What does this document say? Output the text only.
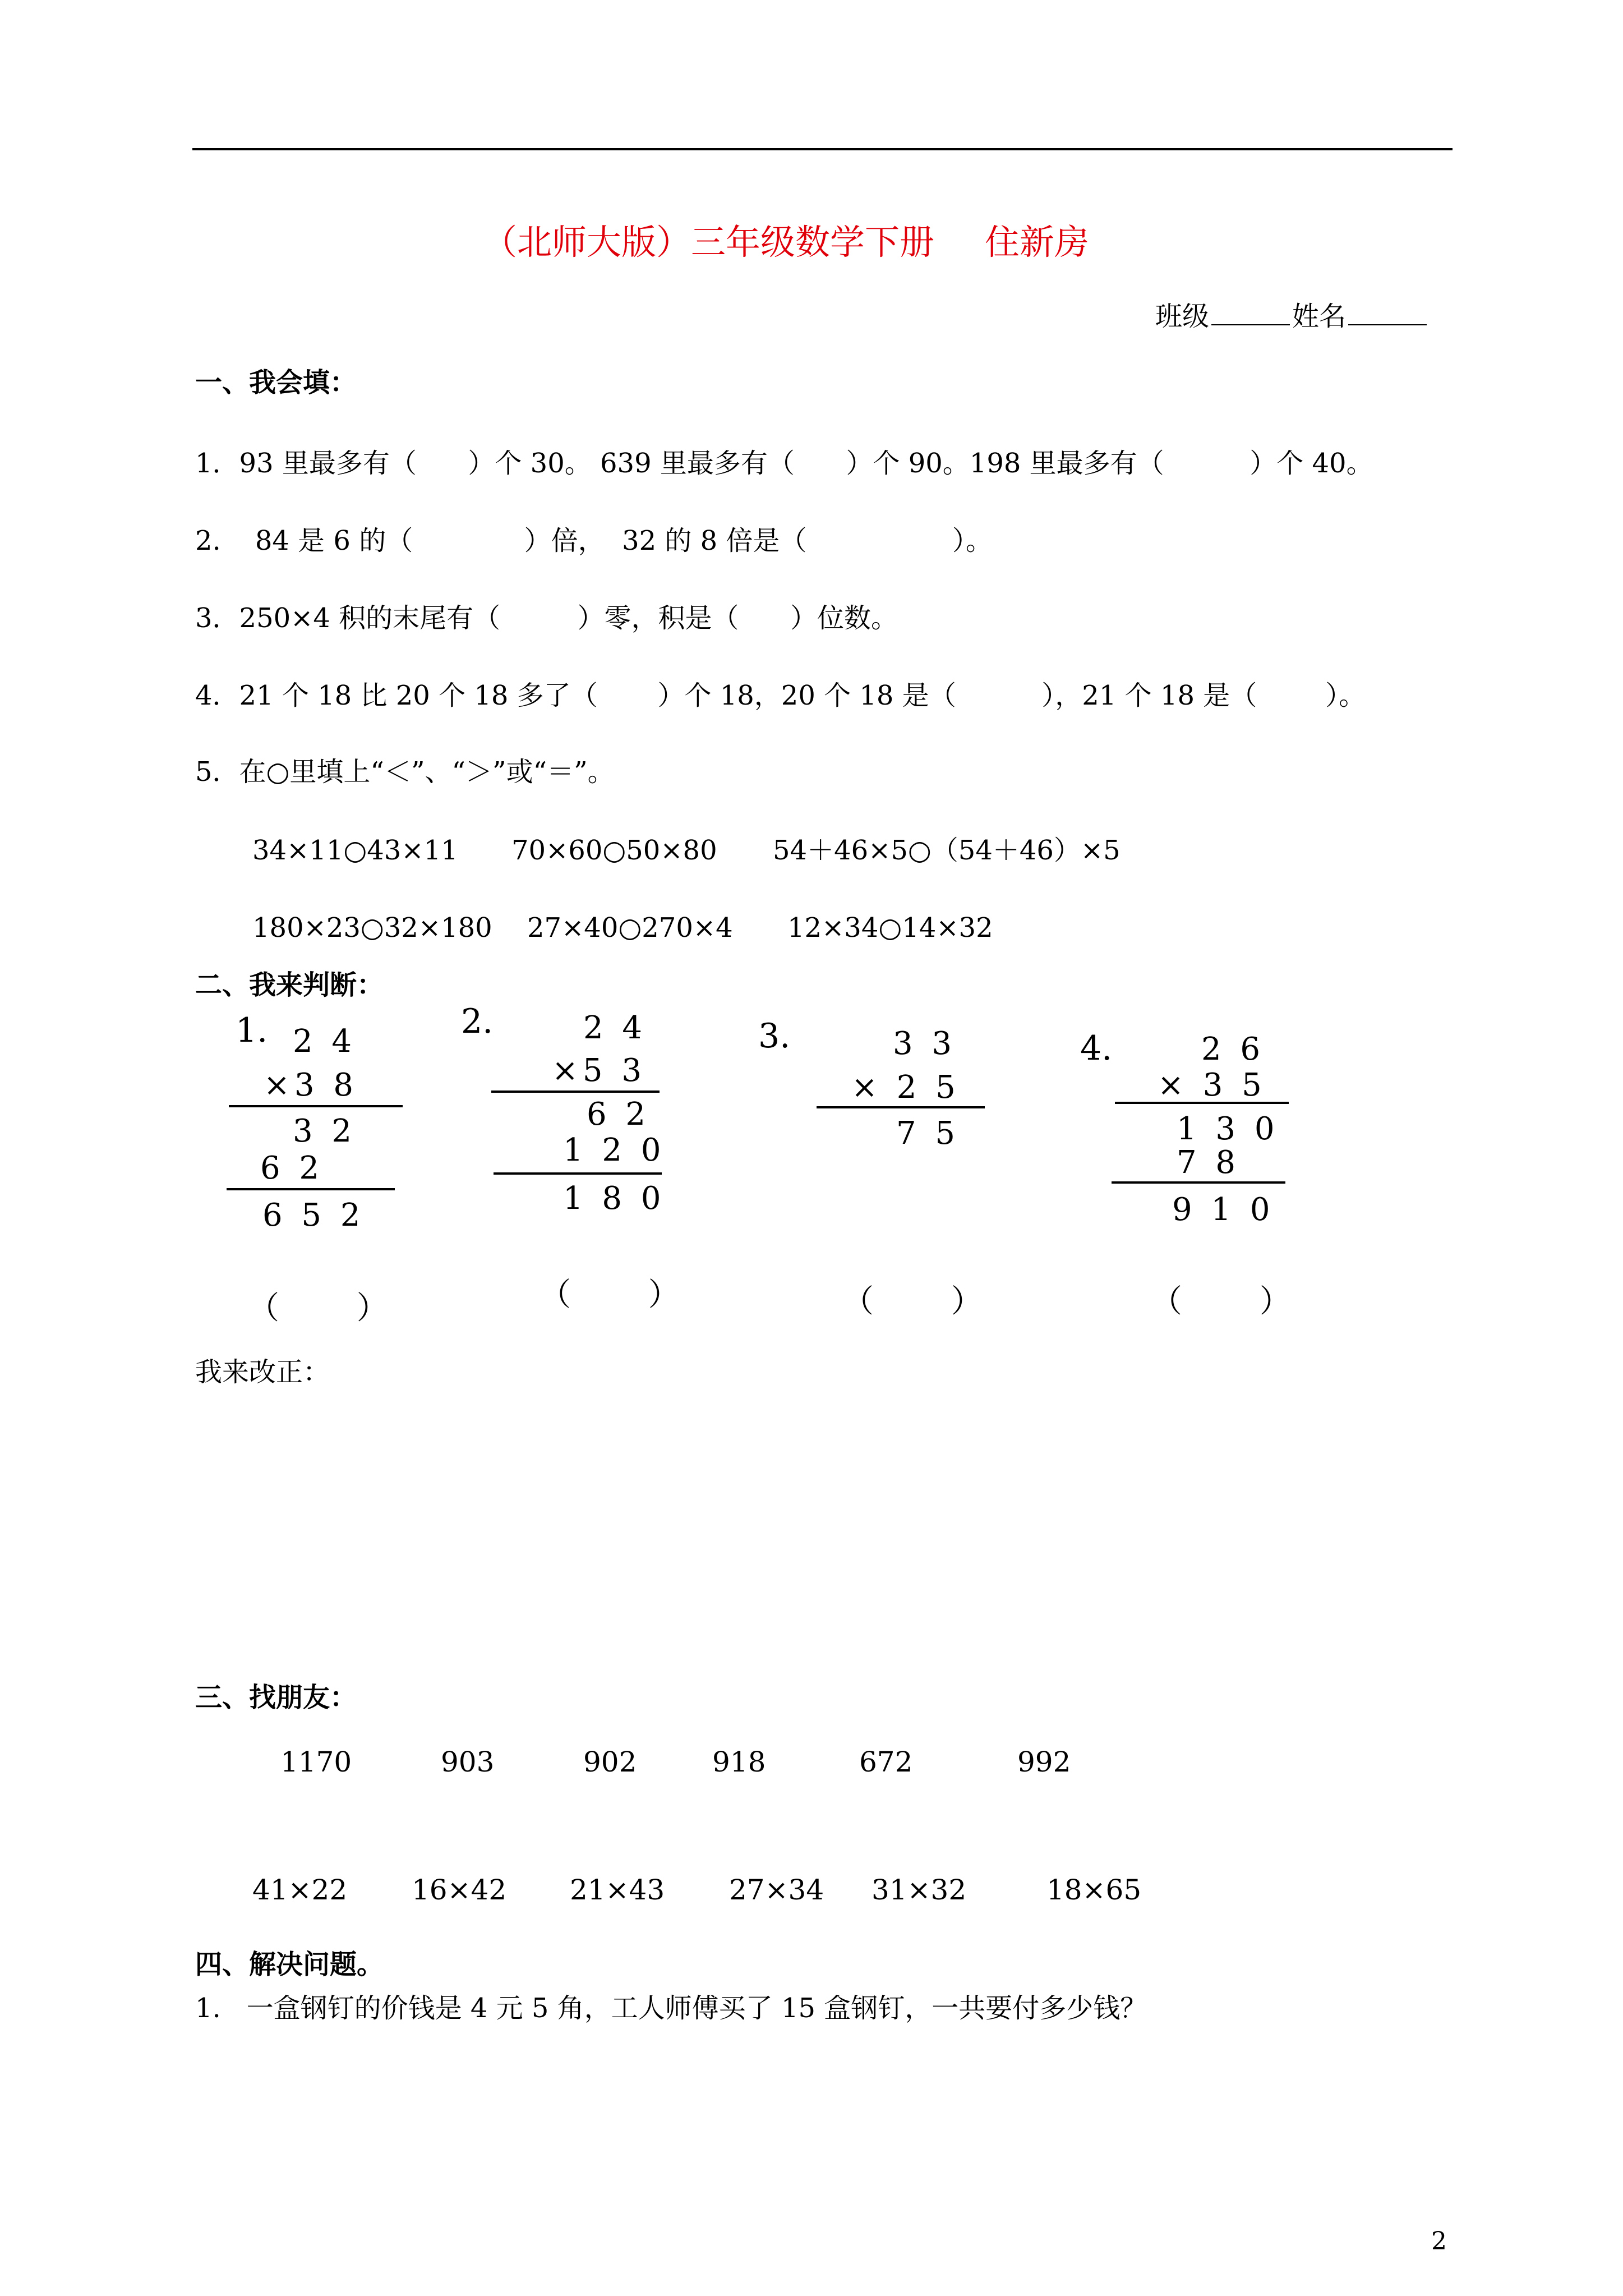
（北师大版）三年级数学下册 住新房
班级	姓名
一、我会填：
1．93 里最多有（      ）个 30。 639 里最多有（      ）个 90。198 里最多有（          ）个 40。
2.    84 是 6 的（             ）倍，  32 的 8 倍是（                 ）。
3．250×4 积的末尾有（         ）零，积是（      ）位数。
4．21 个 18 比 20 个 18 多了（       ）个 18，20 个 18 是（          ），21 个 18 是（        ）。
5．在○里填上“＜”、“＞”或“＝”。
34×11○43×11 70×60○50×80 54＋46×5○（54＋46）×5
180×23○32×180 27×40○270×4 12×34○14×32
二、我来判断：
1. 2 4
×3 8
3 2
6 2
6 5 2
2.	2 4
×5 3
6 2
1 2 0
1 8 0
3.	3 3
× 2 5
7 5
4.	2 6
× 3 5
1 3 0
7 8
9 1 0
（ ）	（ ）	（ ）	（ ）
我来改正：
三、找朋友：
1170	903	902	918	672	992
41×22 16×42 21×43 27×34 31×32	18×65
四、解决问题。
1.   一盒钢钉的价钱是 4 元 5 角，工人师傅买了 15 盒钢钉，一共要付多少钱？
2
